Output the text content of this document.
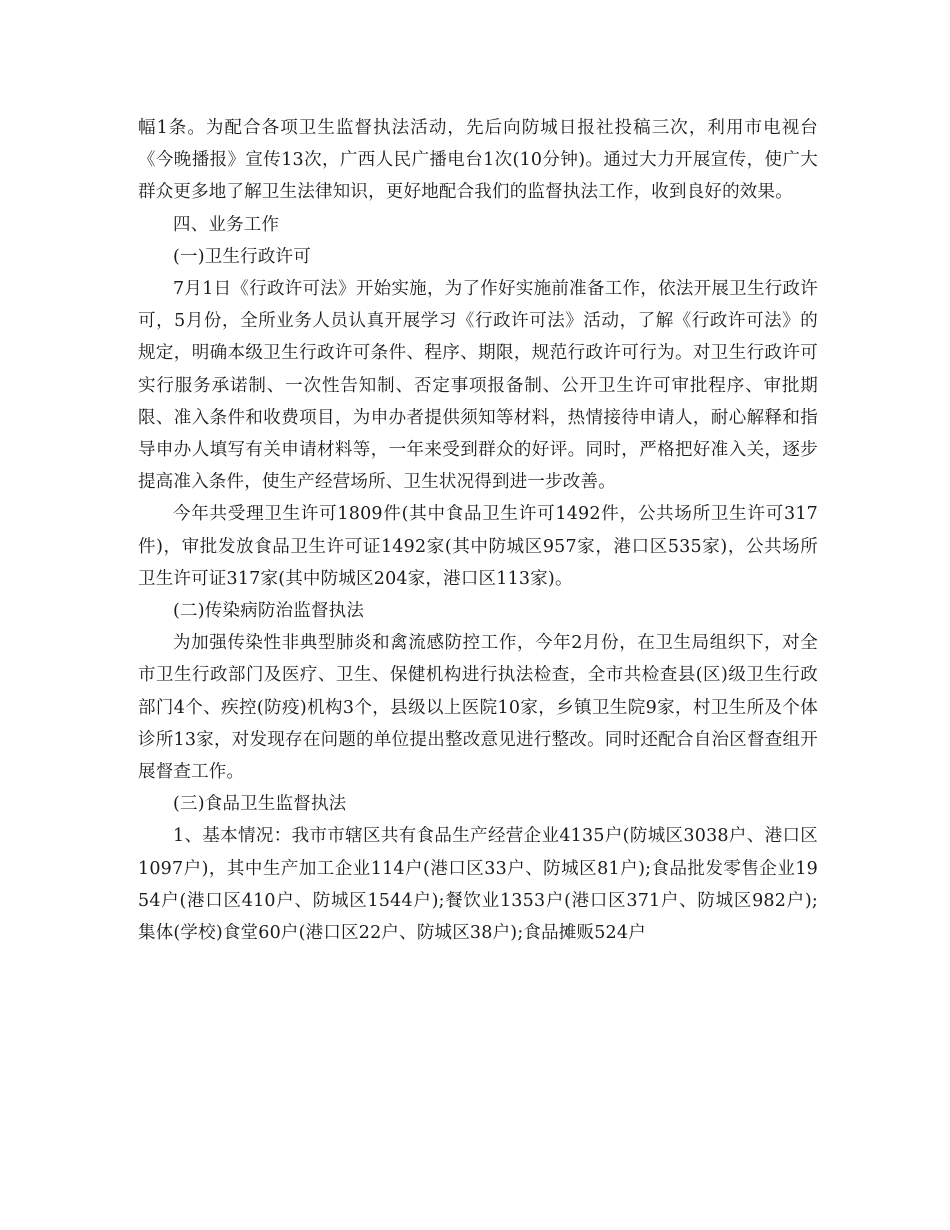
幅1条。为配合各项卫生监督执法活动，先后向防城日报社投稿三次，利用市电视台《今晚播报》宣传13次，广西人民广播电台1次(10分钟)。通过大力开展宣传，使广大群众更多地了解卫生法律知识，更好地配合我们的监督执法工作，收到良好的效果。

四、业务工作

(一)卫生行政许可

7月1日《行政许可法》开始实施，为了作好实施前准备工作，依法开展卫生行政许可，5月份，全所业务人员认真开展学习《行政许可法》活动，了解《行政许可法》的规定，明确本级卫生行政许可条件、程序、期限，规范行政许可行为。对卫生行政许可实行服务承诺制、一次性告知制、否定事项报备制、公开卫生许可审批程序、审批期限、准入条件和收费项目，为申办者提供须知等材料，热情接待申请人，耐心解释和指导申办人填写有关申请材料等，一年来受到群众的好评。同时，严格把好准入关，逐步提高准入条件，使生产经营场所、卫生状况得到进一步改善。

今年共受理卫生许可1809件(其中食品卫生许可1492件，公共场所卫生许可317件)，审批发放食品卫生许可证1492家(其中防城区957家，港口区535家)，公共场所卫生许可证317家(其中防城区204家，港口区113家)。

(二)传染病防治监督执法

为加强传染性非典型肺炎和禽流感防控工作，今年2月份，在卫生局组织下，对全市卫生行政部门及医疗、卫生、保健机构进行执法检查，全市共检查县(区)级卫生行政部门4个、疾控(防疫)机构3个，县级以上医院10家，乡镇卫生院9家，村卫生所及个体诊所13家，对发现存在问题的单位提出整改意见进行整改。同时还配合自治区督查组开展督查工作。

(三)食品卫生监督执法

1、基本情况：我市市辖区共有食品生产经营企业4135户(防城区3038户、港口区1097户)，其中生产加工企业114户(港口区33户、防城区81户);食品批发零售企业1954户(港口区410户、防城区1544户);餐饮业1353户(港口区371户、防城区982户);集体(学校)食堂60户(港口区22户、防城区38户);食品摊贩524户
